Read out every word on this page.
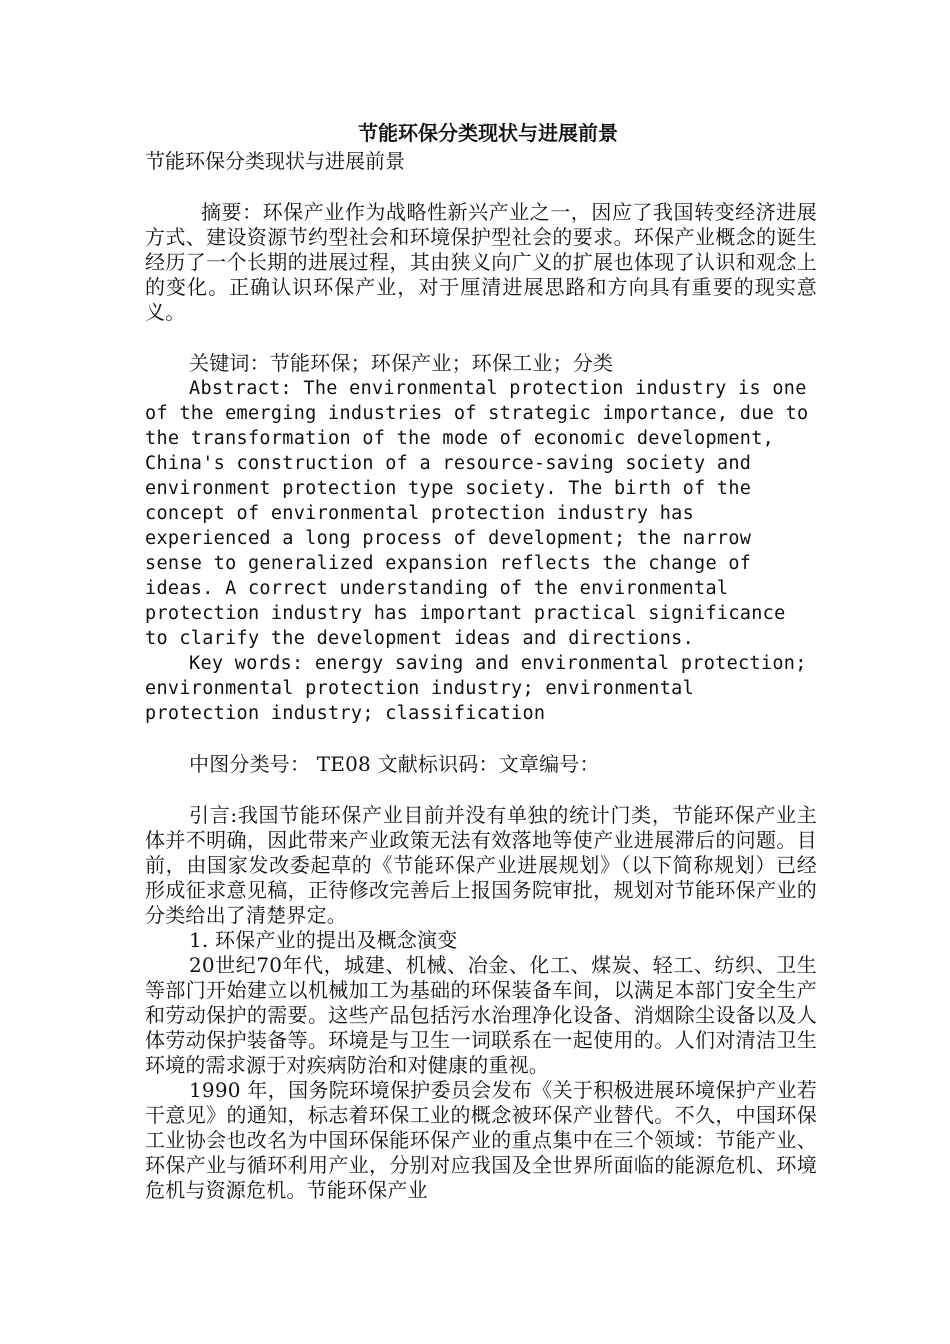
节能环保分类现状与进展前景
节能环保分类现状与进展前景

摘要：环保产业作为战略性新兴产业之一，因应了我国转变经济进展方式、建设资源节约型社会和环境保护型社会的要求。环保产业概念的诞生经历了一个长期的进展过程，其由狭义向广义的扩展也体现了认识和观念上的变化。正确认识环保产业，对于厘清进展思路和方向具有重要的现实意义。

关键词：节能环保；环保产业；环保工业；分类

Abstract: The environmental protection industry is one of the emerging industries of strategic importance, due to the transformation of the mode of economic development, China's construction of a resource-saving society and environment protection type society. The birth of the concept of environmental protection industry has experienced a long process of development; the narrow sense to generalized expansion reflects the change of ideas. A correct understanding of the environmental protection industry has important practical significance to clarify the development ideas and directions.

Key words: energy saving and environmental protection; environmental protection industry; environmental protection industry; classification

中图分类号： TE08 文献标识码：文章编号：

引言:我国节能环保产业目前并没有单独的统计门类，节能环保产业主体并不明确，因此带来产业政策无法有效落地等使产业进展滞后的问题。目前，由国家发改委起草的《节能环保产业进展规划》（以下简称规划）已经形成征求意见稿，正待修改完善后上报国务院审批，规划对节能环保产业的分类给出了清楚界定。

1. 环保产业的提出及概念演变

20世纪70年代，城建、机械、冶金、化工、煤炭、轻工、纺织、卫生等部门开始建立以机械加工为基础的环保装备车间，以满足本部门安全生产和劳动保护的需要。这些产品包括污水治理净化设备、消烟除尘设备以及人体劳动保护装备等。环境是与卫生一词联系在一起使用的。人们对清洁卫生环境的需求源于对疾病防治和对健康的重视。

1990 年，国务院环境保护委员会发布《关于积极进展环境保护产业若干意见》的通知，标志着环保工业的概念被环保产业替代。不久，中国环保工业协会也改名为中国环保能环保产业的重点集中在三个领域：节能产业、环保产业与循环利用产业，分别对应我国及全世界所面临的能源危机、环境危机与资源危机。节能环保产业
